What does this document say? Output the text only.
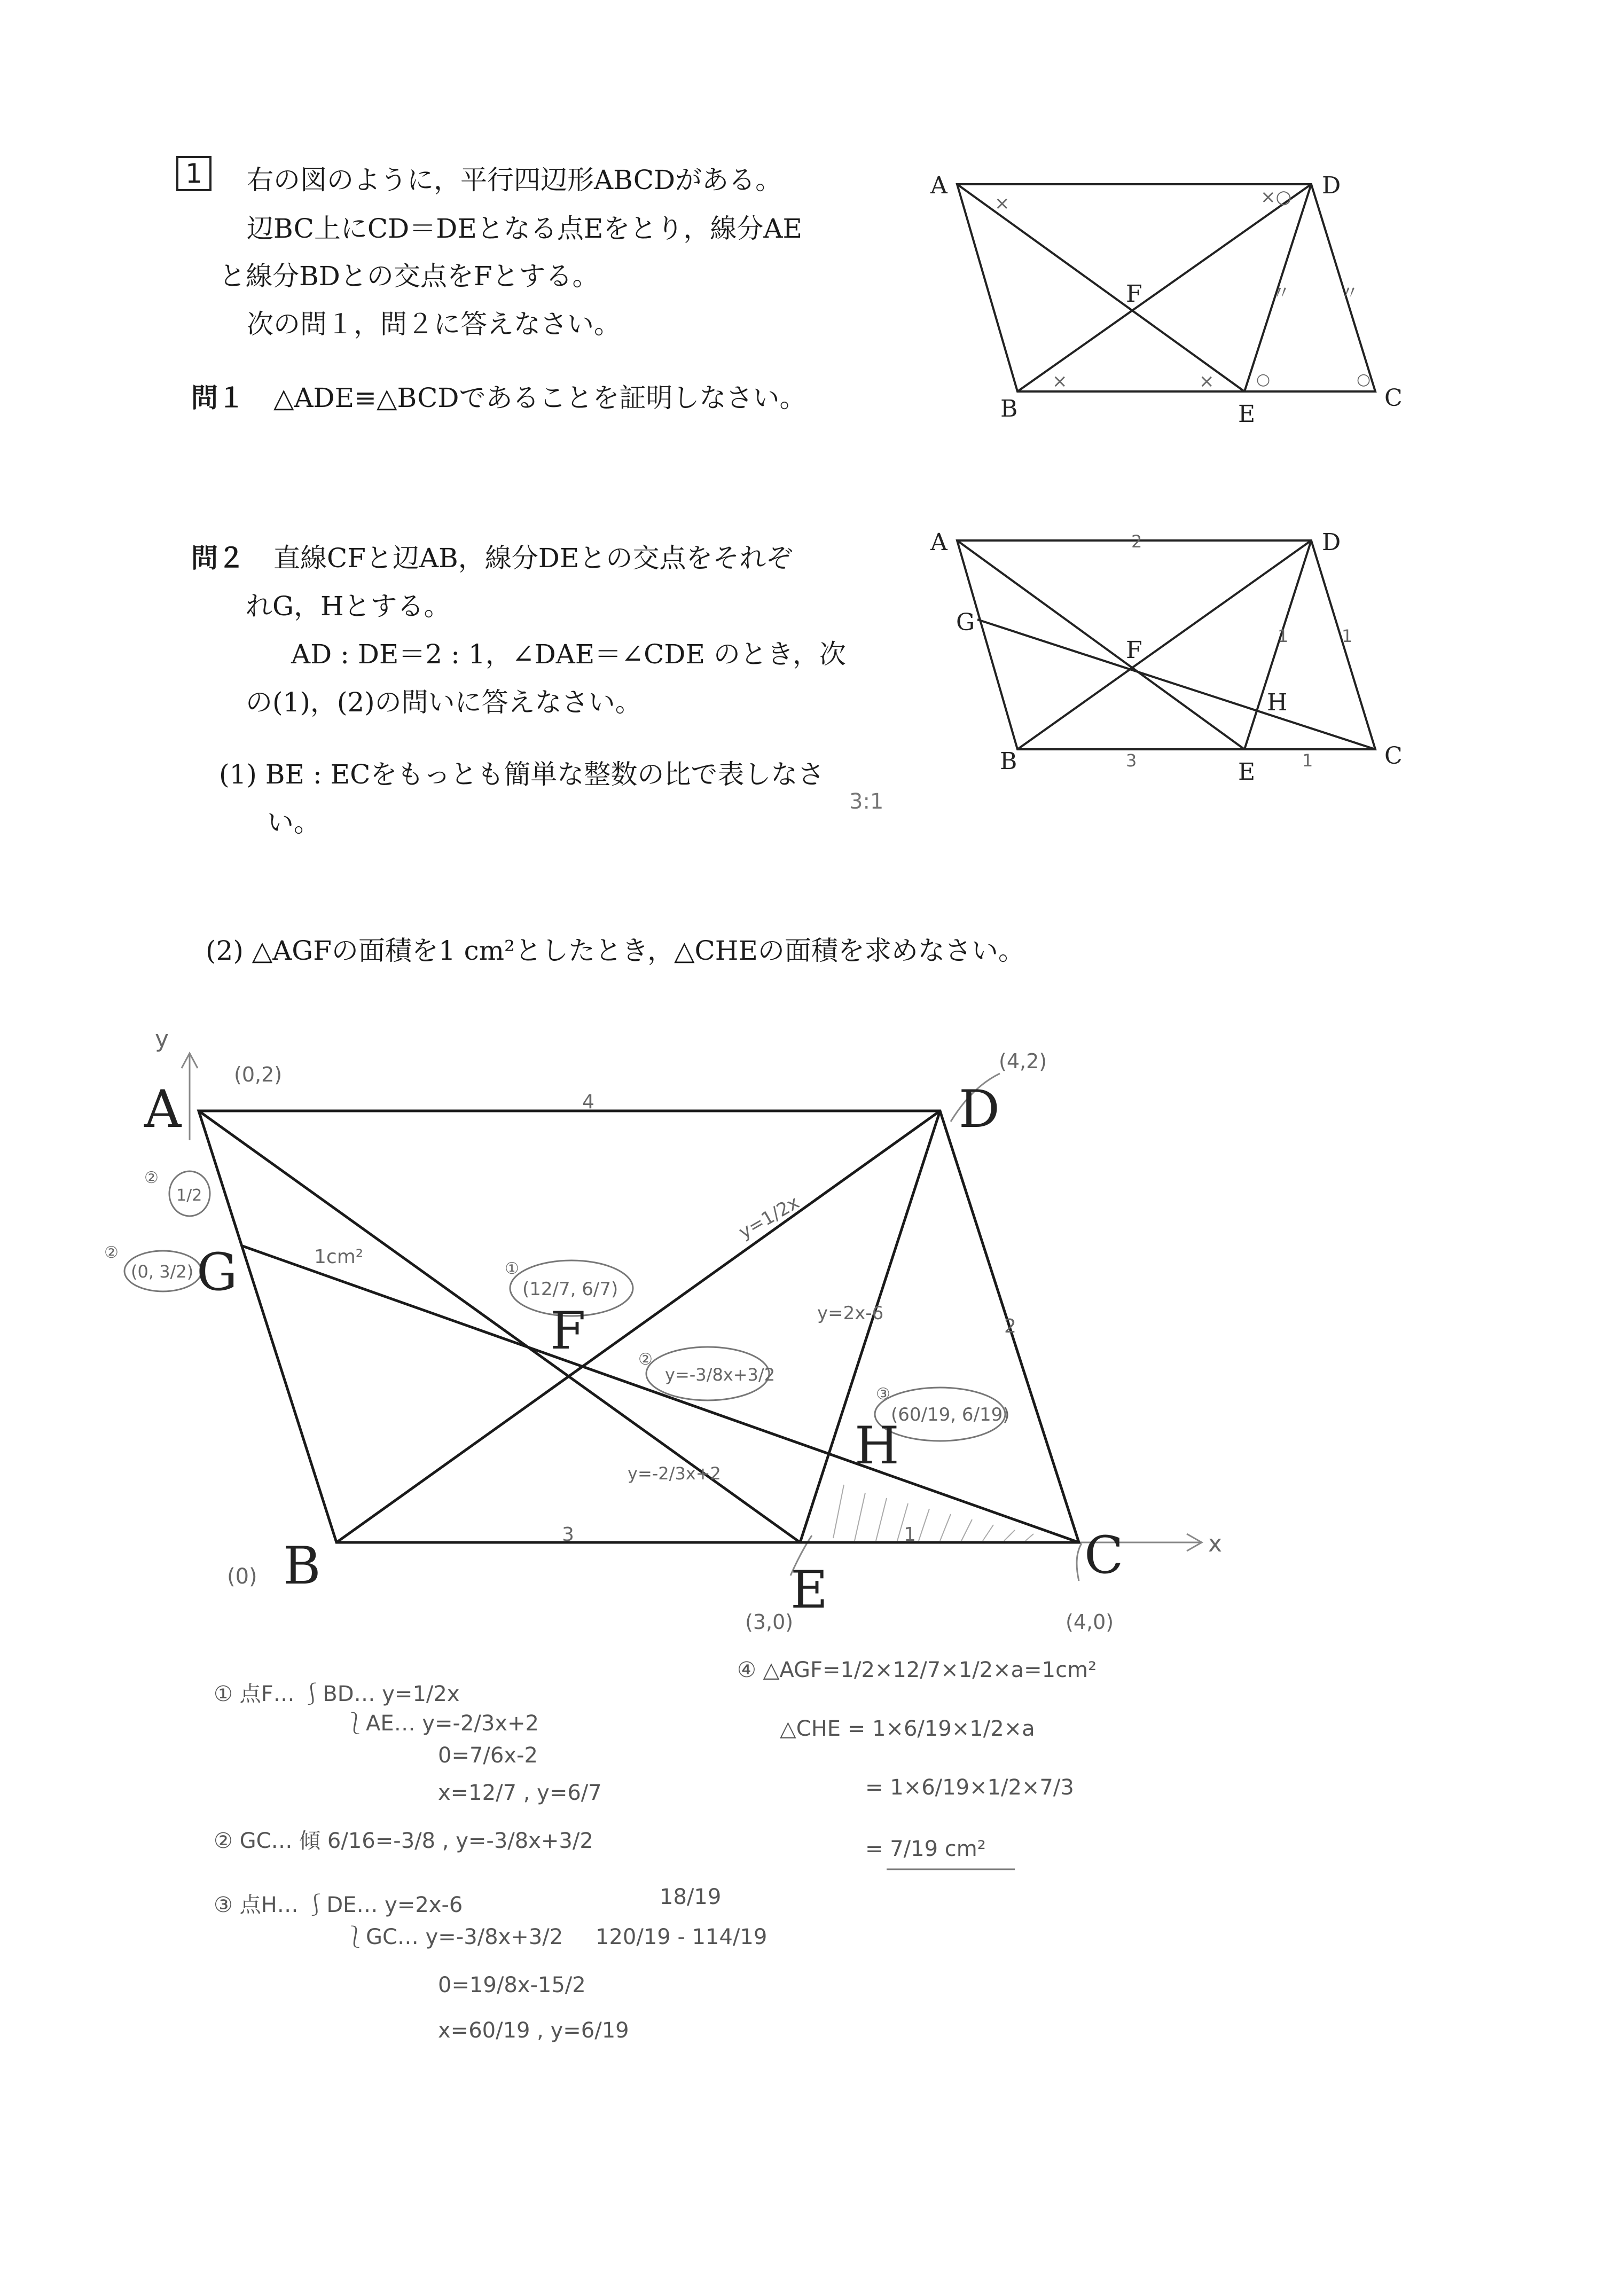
1	右の図のように，平行四辺形ABCDがある。
辺BC上にCD＝DEとなる点Eをとり，線分AE
と線分BDとの交点をFとする。
次の問１，問２に答えなさい。
問１ △ADE≡△BCDであることを証明しなさい。
問２ 直線CFと辺AB，線分DEとの交点をそれぞ
れG，Hとする。
AD : DE＝2 : 1，∠DAE＝∠CDE のとき，次
の(1)，(2)の問いに答えなさい。
(1) BE : ECをもっとも簡単な整数の比で表しなさ
い。
3:1
(2) △AGFの面積を1 cm²としたとき，△CHEの面積を求めなさい。
A	D
B	C
E
F
×	×○
×	×	○	○
〃	〃
A	D
G
F
H
B	E
C
2
1	1
3	1
A	D
G
F
H
B	E
C
y
x
(0,2)
(4,2)
(0)
(3,0)	(4,0)
②
1/2
②
(0, 3/2)	①
(12/7, 6/7)
②
y=-3/8x+3/2
③
(60/19, 6/19)
1cm²
4
3	1
2
y=1/2x
y=2x-6
y=-2/3x+2
① 点F… ⎰BD… y=1/2x
⎱AE… y=-2/3x+2
0=7/6x-2
x=12/7 , y=6/7
② GC… 傾 6/16=-3/8 , y=-3/8x+3/2
③ 点H… ⎰DE… y=2x-6
⎱GC… y=-3/8x+3/2
0=19/8x-15/2
x=60/19 , y=6/19
18/19
120/19 - 114/19
④ △AGF=1/2×12/7×1/2×a=1cm²
△CHE = 1×6/19×1/2×a
= 1×6/19×1/2×7/3
= 7/19 cm²
